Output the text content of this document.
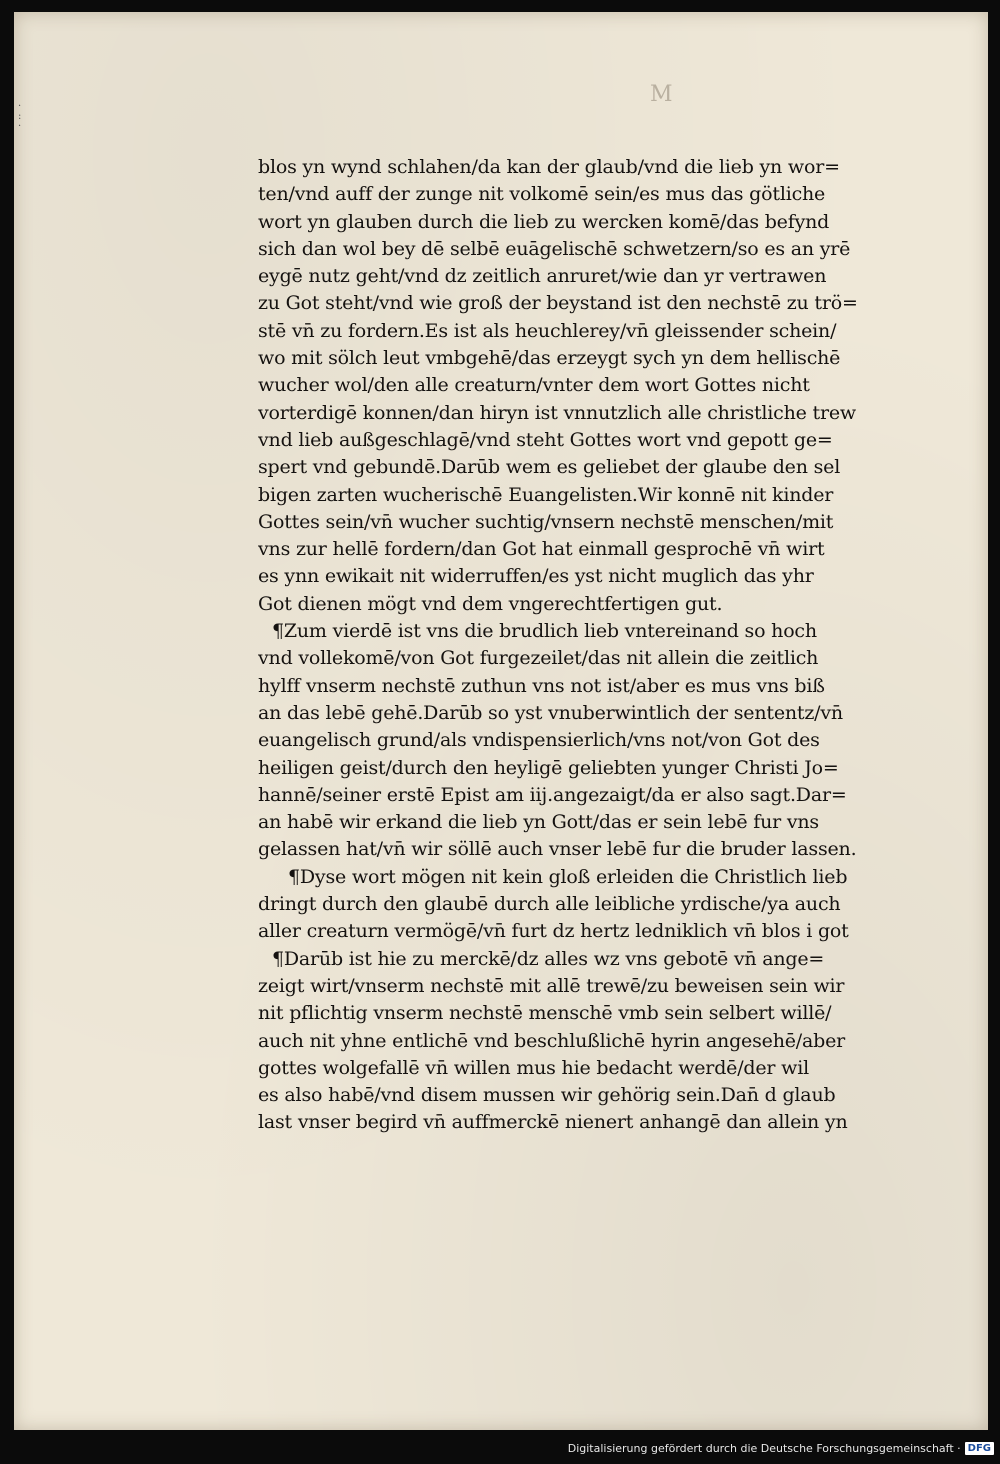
·
:
·
M
blos yn wynd schlahen/da kan der glaub/vnd die lieb yn wor=
ten/vnd auff der zunge nit volkomē sein/es mus das götliche
wort yn glauben durch die lieb zu wercken komē/das befynd
sich dan wol bey dē selbē euāgelischē schwetzern/so es an yrē
eygē nutz geht/vnd dz zeitlich anruret/wie dan yr vertrawen
zu Got steht/vnd wie groß der beystand ist den nechstē zu trö=
stē vn̄ zu fordern.Es ist als heuchlerey/vn̄ gleissender schein/
wo mit sölch leut vmbgehē/das erzeygt sych yn dem hellischē
wucher wol/den alle creaturn/vnter dem wort Gottes nicht
vorterdigē konnen/dan hiryn ist vnnutzlich alle christliche trew
vnd lieb außgeschlagē/vnd steht Gottes wort vnd gepott ge=
spert vnd gebundē.Darūb wem es geliebet der glaube den sel
bigen zarten wucherischē Euangelisten.Wir konnē nit kinder
Gottes sein/vn̄ wucher suchtig/vnsern nechstē menschen/mit
vns zur hellē fordern/dan Got hat einmall gesprochē vn̄ wirt
es ynn ewikait nit widerruffen/es yst nicht muglich das yhr
Got dienen mögt vnd dem vngerechtfertigen gut.
¶Zum vierdē ist vns die brudlich lieb vntereinand so hoch
vnd vollekomē/von Got furgezeilet/das nit allein die zeitlich
hylff vnserm nechstē zuthun vns not ist/aber es mus vns biß
an das lebē gehē.Darūb so yst vnuberwintlich der sententz/vn̄
euangelisch grund/als vndispensierlich/vns not/von Got des
heiligen geist/durch den heyligē geliebten yunger Christi Jo=
hannē/seiner erstē Epist am iij.angezaigt/da er also sagt.Dar=
an habē wir erkand die lieb yn Gott/das er sein lebē fur vns
gelassen hat/vn̄ wir söllē auch vnser lebē fur die bruder lassen.
¶Dyse wort mögen nit kein gloß erleiden die Christlich lieb
dringt durch den glaubē durch alle leibliche yrdische/ya auch
aller creaturn vermögē/vn̄ furt dz hertz ledniklich vn̄ blos i got
¶Darūb ist hie zu merckē/dz alles wz vns gebotē vn̄ ange=
zeigt wirt/vnserm nechstē mit allē trewē/zu beweisen sein wir
nit pflichtig vnserm nechstē menschē vmb sein selbert willē/
auch nit yhne entlichē vnd beschlußlichē hyrin angesehē/aber
gottes wolgefallē vn̄ willen mus hie bedacht werdē/der wil
es also habē/vnd disem mussen wir gehörig sein.Dan̄ d glaub
last vnser begird vn̄ auffmerckē nienert anhangē dan allein yn
Digitalisierung gefördert durch die Deutsche Forschungsgemeinschaft · DFG
